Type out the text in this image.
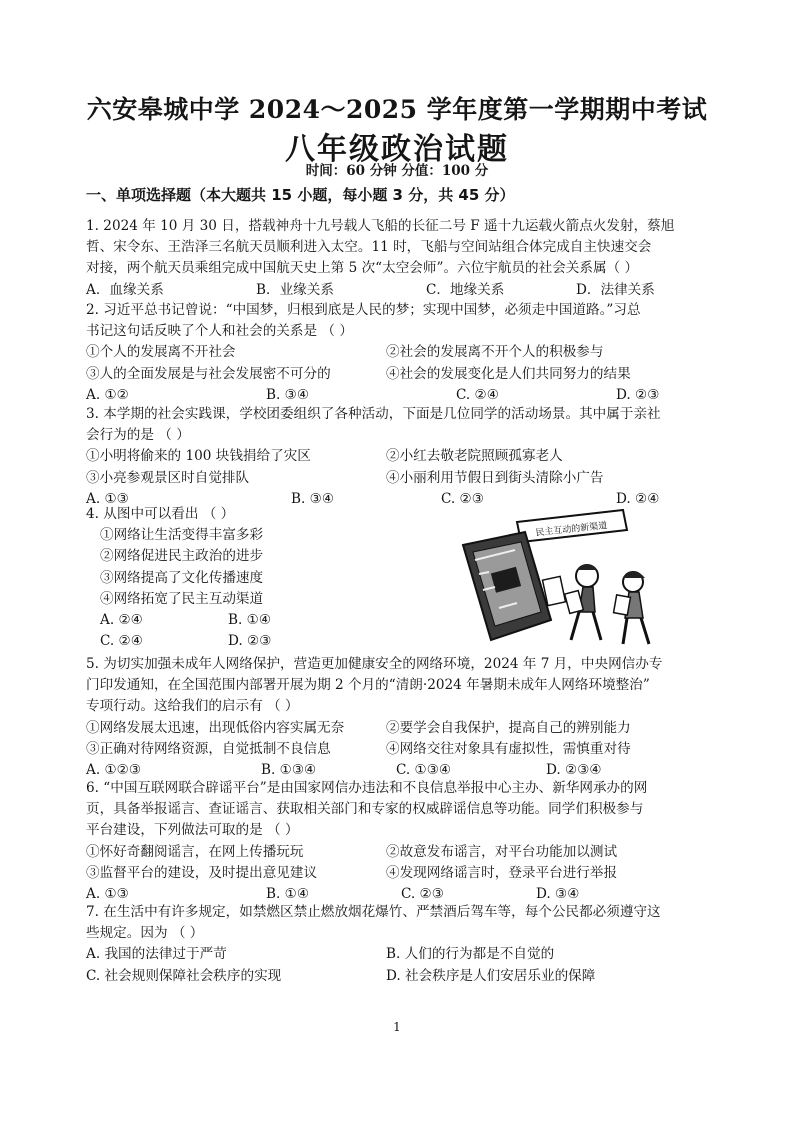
六安皋城中学 2024～2025 学年度第一学期期中考试
八年级政治试题
时间：60 分钟 分值：100 分
一、单项选择题（本大题共 15 小题，每小题 3 分，共 45 分）

1. 2024 年 10 月 30 日，搭载神舟十九号载人飞船的长征二号 F 遥十九运载火箭点火发射，蔡旭

哲、宋令东、王浩泽三名航天员顺利进入太空。11 时，飞船与空间站组合体完成自主快速交会

对接，两个航天员乘组完成中国航天史上第 5 次“太空会师”。六位宇航员的社会关系属（ ）

A．血缘关系	B．业缘关系	C．地缘关系	D．法律关系

2. 习近平总书记曾说：“中国梦，归根到底是人民的梦；实现中国梦，必须走中国道路。”习总

书记这句话反映了个人和社会的关系是 （ ）

①个人的发展离不开社会	②社会的发展离不开个人的积极参与
③人的全面发展是与社会发展密不可分的	④社会的发展变化是人们共同努力的结果
A. ①②	B. ③④	C. ②④	D. ②③

3. 本学期的社会实践课，学校团委组织了各种活动，下面是几位同学的活动场景。其中属于亲社

会行为的是 （ ）

①小明将偷来的 100 块钱捐给了灾区	②小红去敬老院照顾孤寡老人
③小亮参观景区时自觉排队	④小丽利用节假日到街头清除小广告
A. ①③	B. ③④	C. ②③	D. ②④

4. 从图中可以看出 （ ）

①网络让生活变得丰富多彩

②网络促进民主政治的进步

③网络提高了文化传播速度

④网络拓宽了民主互动渠道

A. ②④	B. ①④
C. ②④	D. ②③
民主互动的新渠道

5. 为切实加强未成年人网络保护，营造更加健康安全的网络环境，2024 年 7 月，中央网信办专

门印发通知，在全国范围内部署开展为期 2 个月的“清朗·2024 年暑期未成年人网络环境整治”

专项行动。这给我们的启示有 （ ）

①网络发展太迅速，出现低俗内容实属无奈	②要学会自我保护，提高自己的辨别能力
③正确对待网络资源，自觉抵制不良信息	④网络交往对象具有虚拟性，需慎重对待
A. ①②③	B. ①③④	C. ①③④	D. ②③④

6. “中国互联网联合辟谣平台”是由国家网信办违法和不良信息举报中心主办、新华网承办的网

页，具备举报谣言、查证谣言、获取相关部门和专家的权威辟谣信息等功能。同学们积极参与

平台建设，下列做法可取的是 （ ）

①怀好奇翻阅谣言，在网上传播玩玩	②故意发布谣言，对平台功能加以测试
③监督平台的建设，及时提出意见建议	④发现网络谣言时，登录平台进行举报
A. ①③	B. ①④	C. ②③	D. ③④

7. 在生活中有许多规定，如禁燃区禁止燃放烟花爆竹、严禁酒后驾车等，每个公民都必须遵守这

些规定。因为 （ ）

A. 我国的法律过于严苛	B. 人们的行为都是不自觉的
C. 社会规则保障社会秩序的实现	D. 社会秩序是人们安居乐业的保障
1
